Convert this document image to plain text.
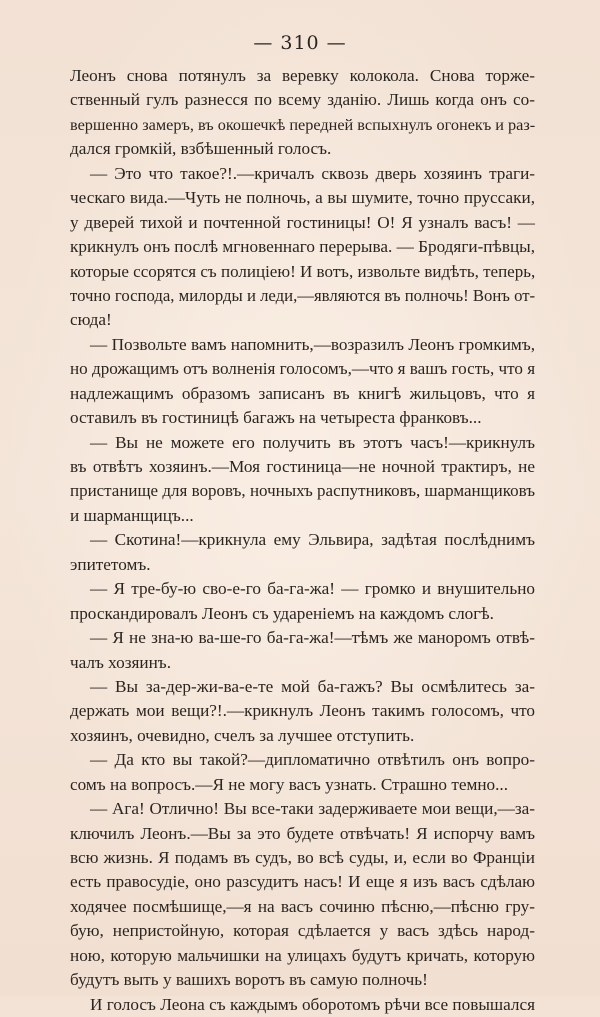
— 310 —
Леонъ снова потянулъ за веревку колокола. Снова торже-
ственный гулъ разнесся по всему зданію. Лишь когда онъ со-
вершенно замеръ, въ окошечкѣ передней вспыхнулъ огонекъ и раз-
дался громкій, взбѣшенный голосъ.
— Это что такое?!.—кричалъ сквозь дверь хозяинъ траги-
ческаго вида.—Чуть не полночь, а вы шумите, точно пруссаки,
у дверей тихой и почтенной гостиницы! О! Я узналъ васъ! —
крикнулъ онъ послѣ мгновеннаго перерыва. — Бродяги-пѣвцы,
которые ссорятся съ полиціею! И вотъ, извольте видѣть, теперь,
точно господа, милорды и леди,—являются въ полночь! Вонъ от-
сюда!
— Позвольте вамъ напомнить,—возразилъ Леонъ громкимъ,
но дрожащимъ отъ волненія голосомъ,—что я вашъ гость, что я
надлежащимъ образомъ записанъ въ книгѣ жильцовъ, что я
оставилъ въ гостиницѣ багажъ на четыреста франковъ...
— Вы не можете его получить въ этотъ часъ!—крикнулъ
въ отвѣтъ хозяинъ.—Моя гостиница—не ночной трактиръ, не
пристанище для воровъ, ночныхъ распутниковъ, шарманщиковъ
и шарманщицъ...
— Скотина!—крикнула ему Эльвира, задѣтая послѣднимъ
эпитетомъ.
— Я тре-бу-ю сво-е-го ба-га-жа! — громко и внушительно
проскандировалъ Леонъ съ удареніемъ на каждомъ слогѣ.
— Я не зна-ю ва-ше-го ба-га-жа!—тѣмъ же маноромъ отвѣ-
чалъ хозяинъ.
— Вы за-дер-жи-ва-е-те мой ба-гажъ? Вы осмѣлитесь за-
держать мои вещи?!.—крикнулъ Леонъ такимъ голосомъ, что
хозяинъ, очевидно, счелъ за лучшее отступить.
— Да кто вы такой?—дипломатично отвѣтилъ онъ вопро-
сомъ на вопросъ.—Я не могу васъ узнать. Страшно темно...
— Ага! Отлично! Вы все-таки задерживаете мои вещи,—за-
ключилъ Леонъ.—Вы за это будете отвѣчать! Я испорчу вамъ
всю жизнь. Я подамъ въ судъ, во всѣ суды, и, если во Франціи
есть правосудіе, оно разсудитъ насъ! И еще я изъ васъ сдѣлаю
ходячее посмѣшище,—я на васъ сочиню пѣсню,—пѣсню гру-
бую, непристойную, которая сдѣлается у васъ здѣсь народ-
ною, которую мальчишки на улицахъ будутъ кричать, которую
будутъ выть у вашихъ воротъ въ самую полночь!
И голосъ Леона съ каждымъ оборотомъ рѣчи все повышался
